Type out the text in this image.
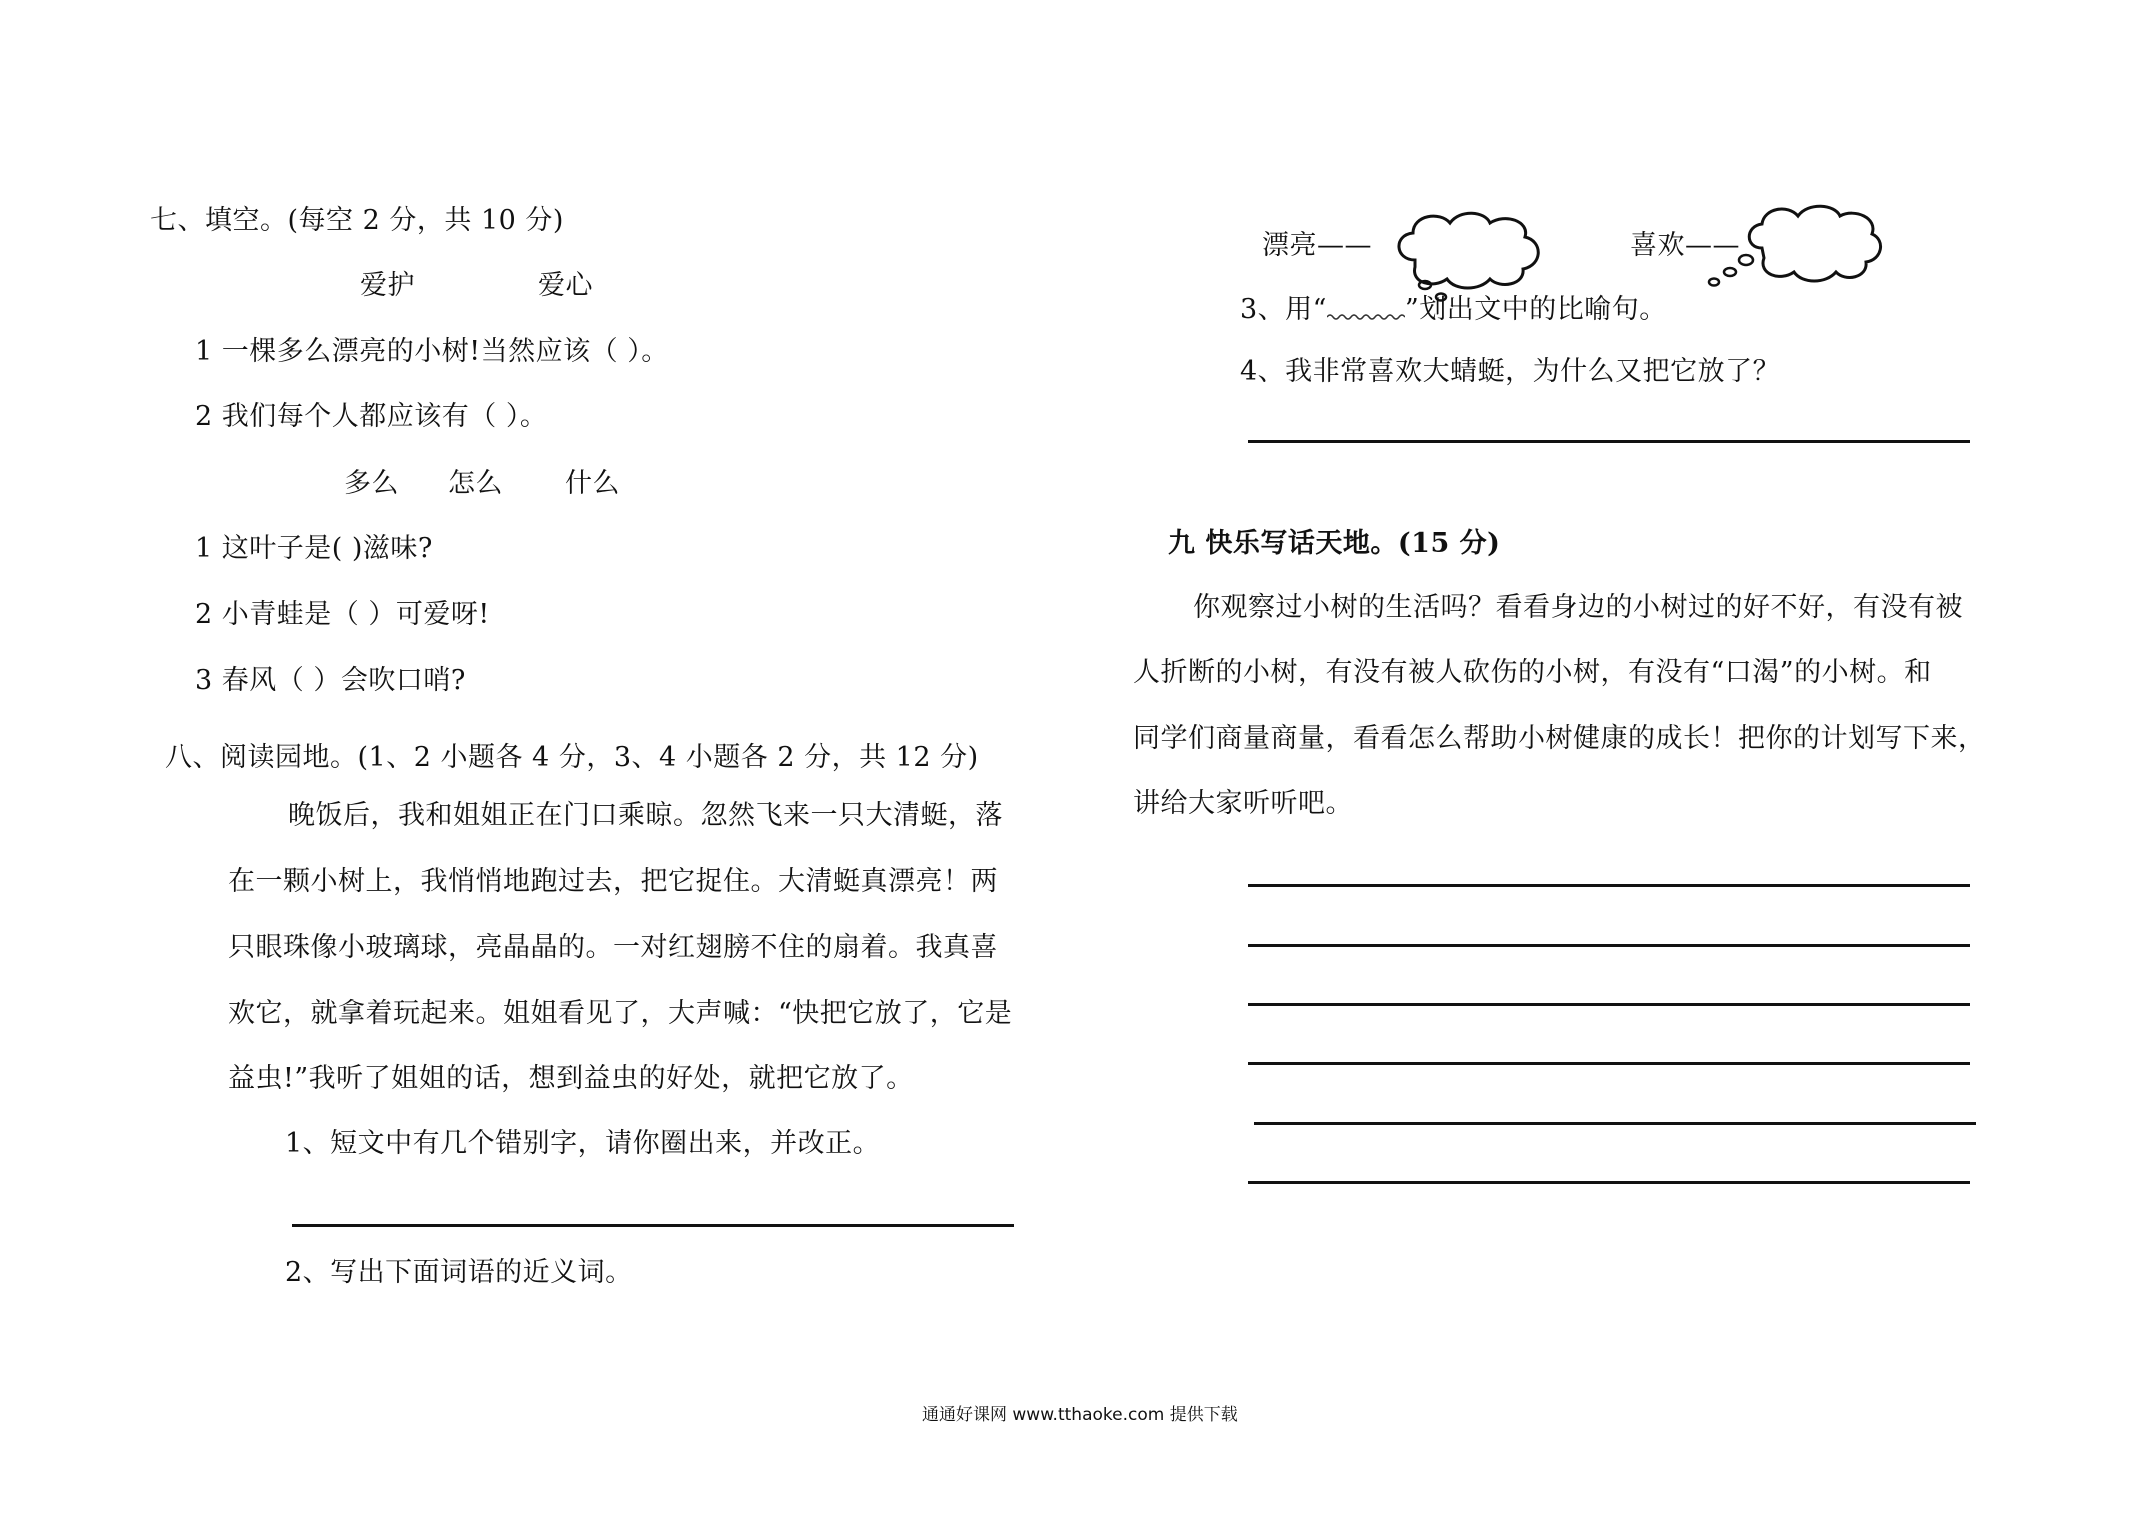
七、填空。(每空 2 分，共 10 分)
爱护	爱心
1 一棵多么漂亮的小树!当然应该（ ）。
2 我们每个人都应该有（ ）。
多么 怎么 什么
1 这叶子是( )滋味?
2 小青蛙是（ ）可爱呀!
3 春风（ ）会吹口哨?
八、阅读园地。(1、2 小题各 4 分，3、4 小题各 2 分，共 12 分)
晚饭后，我和姐姐正在门口乘晾。忽然飞来一只大清蜓，落
在一颗小树上，我悄悄地跑过去，把它捉住。大清蜓真漂亮！两
只眼珠像小玻璃球，亮晶晶的。一对红翅膀不住的扇着。我真喜
欢它，就拿着玩起来。姐姐看见了，大声喊：“快把它放了，它是
益虫!”我听了姐姐的话，想到益虫的好处，就把它放了。
1、短文中有几个错别字，请你圈出来，并改正。
2、写出下面词语的近义词。
漂亮——	喜欢——
3、用“	”划出文中的比喻句。
4、我非常喜欢大蜻蜓，为什么又把它放了？
九 快乐写话天地。(15 分)
你观察过小树的生活吗？看看身边的小树过的好不好，有没有被
人折断的小树，有没有被人砍伤的小树，有没有“口渴”的小树。和
同学们商量商量，看看怎么帮助小树健康的成长！把你的计划写下来，
讲给大家听听吧。
通通好课网 www.tthaoke.com 提供下载
